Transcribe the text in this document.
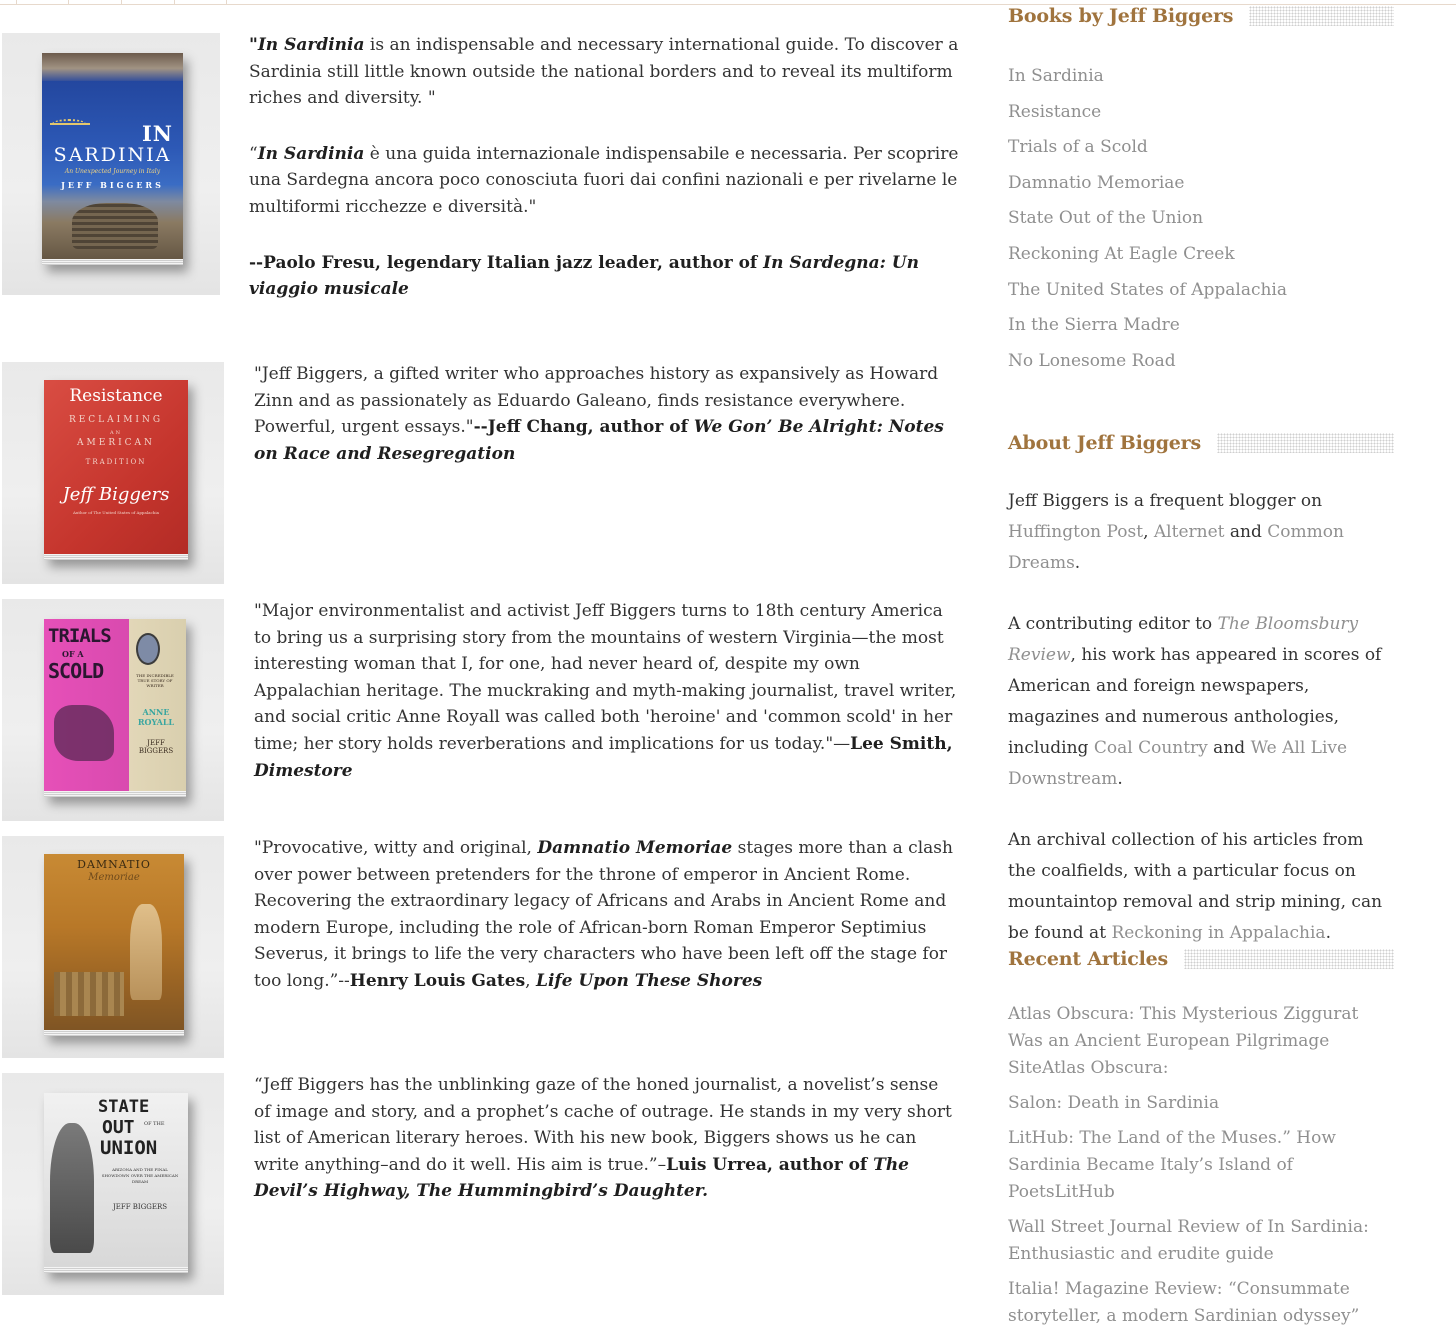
IN
SARDINIA
An Unexpected Journey in Italy
JEFF BIGGERS

"In Sardinia is an indispensable and necessary international guide. To discover a Sardinia still little known outside the national borders and to reveal its multiform riches and diversity. "

“In Sardinia è una guida internazionale indispensabile e necessaria. Per scoprire una Sardegna ancora poco conosciuta fuori dai confini nazionali e per rivelarne le multiformi ricchezze e diversità."

--Paolo Fresu, legendary Italian jazz leader, author of In Sardegna: Un viaggio musicale

Resistance
RECLAIMING
AN
AMERICAN
TRADITION
Jeff Biggers
Author of The United States of Appalachia

"Jeff Biggers, a gifted writer who approaches history as expansively as Howard Zinn and as passionately as Eduardo Galeano, finds resistance everywhere. Powerful, urgent essays."--Jeff Chang, author of We Gon’ Be Alright: Notes on Race and Resegregation

TRIALS
OF A
SCOLD	THE INCREDIBLE TRUE STORY OF WRITER
ANNE ROYALL
JEFF BIGGERS

"Major environmentalist and activist Jeff Biggers turns to 18th century America to bring us a surprising story from the mountains of western Virginia—the most interesting woman that I, for one, had never heard of, despite my own Appalachian heritage. The muckraking and myth-making journalist, travel writer, and social critic Anne Royall was called both 'heroine' and 'common scold' in her time; her story holds reverberations and implications for us today."—Lee Smith, Dimestore

DAMNATIO
Memoriae

"Provocative, witty and original, Damnatio Memoriae stages more than a clash over power between pretenders for the throne of emperor in Ancient Rome. Recovering the extraordinary legacy of Africans and Arabs in Ancient Rome and modern Europe, including the role of African-born Roman Emperor Septimius Severus, it brings to life the very characters who have been left off the stage for too long.”--Henry Louis Gates, Life Upon These Shores

STATE
OUT OF THE
UNION
ARIZONA AND THE FINAL SHOWDOWN OVER THE AMERICAN DREAM
JEFF BIGGERS

“Jeff Biggers has the unblinking gaze of the honed journalist, a novelist’s sense of image and story, and a prophet’s cache of outrage. He stands in my very short list of American literary heroes. With his new book, Biggers shows us he can write anything–and do it well. His aim is true.”–Luis Urrea, author of The Devil’s Highway, The Hummingbird’s Daughter.

Books by Jeff Biggers
In Sardinia
Resistance
Trials of a Scold
Damnatio Memoriae
State Out of the Union
Reckoning At Eagle Creek
The United States of Appalachia
In the Sierra Madre
No Lonesome Road
About Jeff Biggers

Jeff Biggers is a frequent blogger on Huffington Post, Alternet and Common Dreams.

A contributing editor to The Bloomsbury Review, his work has appeared in scores of American and foreign newspapers, magazines and numerous anthologies, including Coal Country and We All Live Downstream.

An archival collection of his articles from the coalfields, with a particular focus on mountaintop removal and strip mining, can be found at Reckoning in Appalachia.

Recent Articles
Atlas Obscura: This Mysterious Ziggurat Was an Ancient European Pilgrimage SiteAtlas Obscura:
Salon: Death in Sardinia
LitHub: The Land of the Muses.” How Sardinia Became Italy’s Island of PoetsLitHub
Wall Street Journal Review of In Sardinia: Enthusiastic and erudite guide
Italia! Magazine Review: “Consummate storyteller, a modern Sardinian odyssey”
